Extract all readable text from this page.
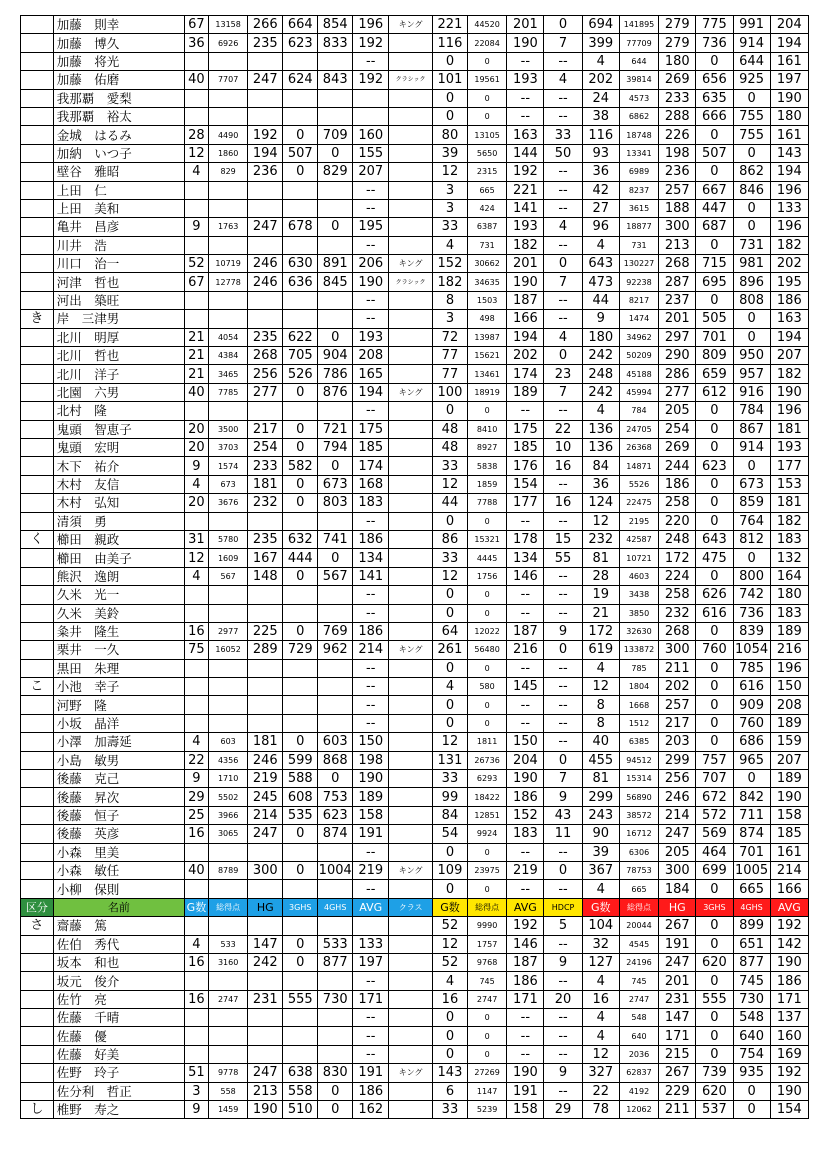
	加藤　則幸	67	13158	266	664	854	196	キング	221	44520	201	0	694	141895	279	775	991	204
	加藤　博久	36	6926	235	623	833	192		116	22084	190	7	399	77709	279	736	914	194
	加藤　将光						--		0	0	--	--	4	644	180	0	644	161
	加藤　佑磨	40	7707	247	624	843	192	クラシック	101	19561	193	4	202	39814	269	656	925	197
	我那覇　愛梨								0	0	--	--	24	4573	233	635	0	190
	我那覇　裕太								0	0	--	--	38	6862	288	666	755	180
	金城　はるみ	28	4490	192	0	709	160		80	13105	163	33	116	18748	226	0	755	161
	加納　いつ子	12	1860	194	507	0	155		39	5650	144	50	93	13341	198	507	0	143
	壁谷　雅昭	4	829	236	0	829	207		12	2315	192	--	36	6989	236	0	862	194
	上田　仁						--		3	665	221	--	42	8237	257	667	846	196
	上田　美和						--		3	424	141	--	27	3615	188	447	0	133
	亀井　昌彦	9	1763	247	678	0	195		33	6387	193	4	96	18877	300	687	0	196
	川井　浩						--		4	731	182	--	4	731	213	0	731	182
	川口　治一	52	10719	246	630	891	206	キング	152	30662	201	0	643	130227	268	715	981	202
	河津　哲也	67	12778	246	636	845	190	クラシック	182	34635	190	7	473	92238	287	695	896	195
	河出　築旺						--		8	1503	187	--	44	8217	237	0	808	186
き	岸　三津男						--		3	498	166	--	9	1474	201	505	0	163
	北川　明厚	21	4054	235	622	0	193		72	13987	194	4	180	34962	297	701	0	194
	北川　哲也	21	4384	268	705	904	208		77	15621	202	0	242	50209	290	809	950	207
	北川　洋子	21	3465	256	526	786	165		77	13461	174	23	248	45188	286	659	957	182
	北園　六男	40	7785	277	0	876	194	キング	100	18919	189	7	242	45994	277	612	916	190
	北村　隆						--		0	0	--	--	4	784	205	0	784	196
	鬼頭　智恵子	20	3500	217	0	721	175		48	8410	175	22	136	24705	254	0	867	181
	鬼頭　宏明	20	3703	254	0	794	185		48	8927	185	10	136	26368	269	0	914	193
	木下　祐介	9	1574	233	582	0	174		33	5838	176	16	84	14871	244	623	0	177
	木村　友信	4	673	181	0	673	168		12	1859	154	--	36	5526	186	0	673	153
	木村　弘知	20	3676	232	0	803	183		44	7788	177	16	124	22475	258	0	859	181
	清須　勇						--		0	0	--	--	12	2195	220	0	764	182
く	櫛田　親政	31	5780	235	632	741	186		86	15321	178	15	232	42587	248	643	812	183
	櫛田　由美子	12	1609	167	444	0	134		33	4445	134	55	81	10721	172	475	0	132
	熊沢　逸朗	4	567	148	0	567	141		12	1756	146	--	28	4603	224	0	800	164
	久米　光一						--		0	0	--	--	19	3438	258	626	742	180
	久米　美鈴						--		0	0	--	--	21	3850	232	616	736	183
	粂井　隆生	16	2977	225	0	769	186		64	12022	187	9	172	32630	268	0	839	189
	栗井　一久	75	16052	289	729	962	214	キング	261	56480	216	0	619	133872	300	760	1054	216
	黒田　朱理						--		0	0	--	--	4	785	211	0	785	196
こ	小池　幸子						--		4	580	145	--	12	1804	202	0	616	150
	河野　隆						--		0	0	--	--	8	1668	257	0	909	208
	小坂　晶洋						--		0	0	--	--	8	1512	217	0	760	189
	小澤　加壽延	4	603	181	0	603	150		12	1811	150	--	40	6385	203	0	686	159
	小島　敏男	22	4356	246	599	868	198		131	26736	204	0	455	94512	299	757	965	207
	後藤　克己	9	1710	219	588	0	190		33	6293	190	7	81	15314	256	707	0	189
	後藤　昇次	29	5502	245	608	753	189		99	18422	186	9	299	56890	246	672	842	190
	後藤　恒子	25	3966	214	535	623	158		84	12851	152	43	243	38572	214	572	711	158
	後藤　英彦	16	3065	247	0	874	191		54	9924	183	11	90	16712	247	569	874	185
	小森　里美						--		0	0	--	--	39	6306	205	464	701	161
	小森　敏任	40	8789	300	0	1004	219	キング	109	23975	219	0	367	78753	300	699	1005	214
	小柳　保則						--		0	0	--	--	4	665	184	0	665	166
区分	名前	G数	総得点	HG	3GHS	4GHS	AVG	クラス	G数	総得点	AVG	HDCP	G数	総得点	HG	3GHS	4GHS	AVG
さ	齋藤　篤								52	9990	192	5	104	20044	267	0	899	192
	佐伯　秀代	4	533	147	0	533	133		12	1757	146	--	32	4545	191	0	651	142
	坂本　和也	16	3160	242	0	877	197		52	9768	187	9	127	24196	247	620	877	190
	坂元　俊介						--		4	745	186	--	4	745	201	0	745	186
	佐竹　亮	16	2747	231	555	730	171		16	2747	171	20	16	2747	231	555	730	171
	佐藤　千晴						--		0	0	--	--	4	548	147	0	548	137
	佐藤　優						--		0	0	--	--	4	640	171	0	640	160
	佐藤　好美						--		0	0	--	--	12	2036	215	0	754	169
	佐野　玲子	51	9778	247	638	830	191	キング	143	27269	190	9	327	62837	267	739	935	192
	佐分利　哲正	3	558	213	558	0	186		6	1147	191	--	22	4192	229	620	0	190
し	椎野　寿之	9	1459	190	510	0	162		33	5239	158	29	78	12062	211	537	0	154
